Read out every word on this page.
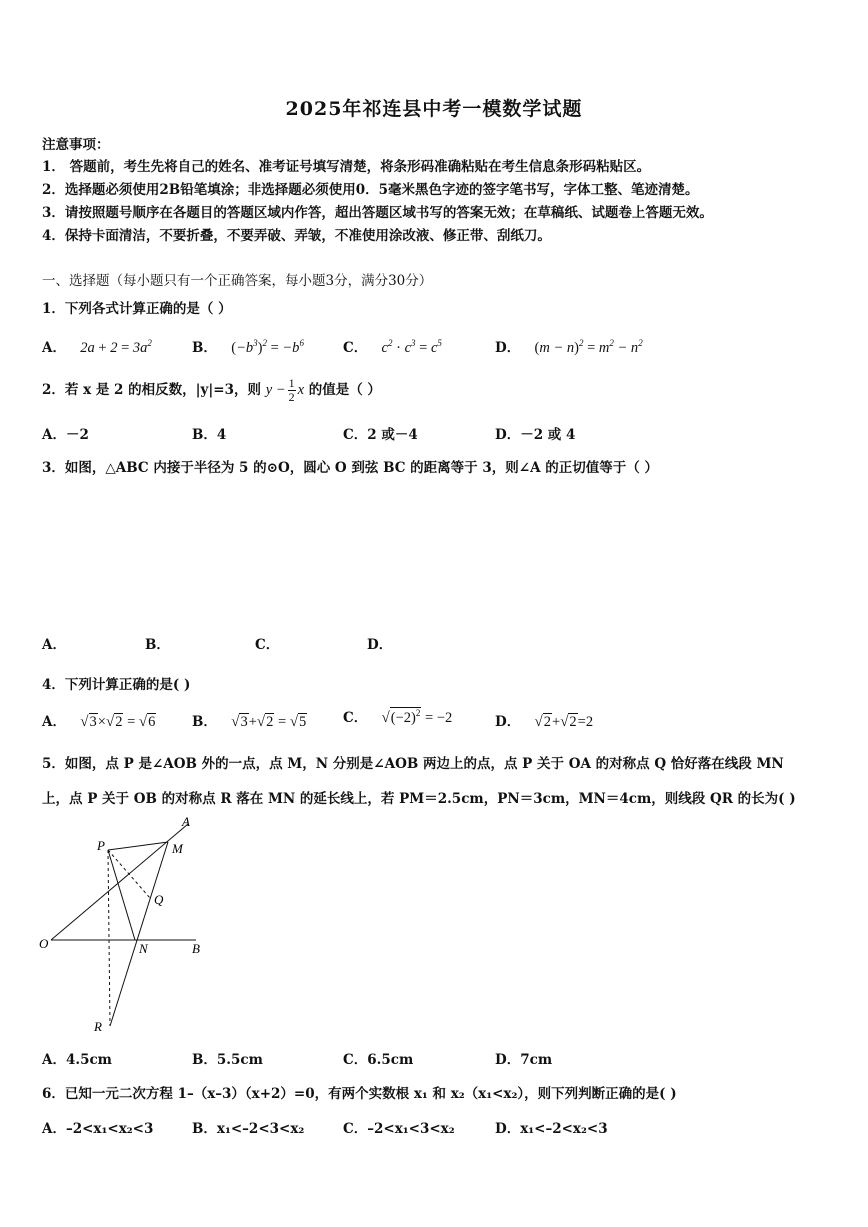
2025年祁连县中考一模数学试题
注意事项：
1． 答题前，考生先将自己的姓名、准考证号填写清楚，将条形码准确粘贴在考生信息条形码粘贴区。
2．选择题必须使用2B铅笔填涂；非选择题必须使用0．5毫米黑色字迹的签字笔书写，字体工整、笔迹清楚。
3．请按照题号顺序在各题目的答题区域内作答，超出答题区域书写的答案无效；在草稿纸、试题卷上答题无效。
4．保持卡面清洁，不要折叠，不要弄破、弄皱，不准使用涂改液、修正带、刮纸刀。
一、选择题（每小题只有一个正确答案，每小题3分，满分30分）
1．下列各式计算正确的是（ ）
A． $2a + 2 = 3a^2$	B． $(-b^3)^2 = -b^6$	C． $c^2 \cdot c^3 = c^5$	D． $(m - n)^2 = m^2 - n^2$
2．若 x 是 2 的相反数，|y|=3，则 $y - \frac{1}{2}$ x 的值是（ ）
A．－2	B．4	C．2 或－4	D．－2 或 4
3．如图，△ABC 内接于半径为 5 的⊙O，圆心 O 到弦 BC 的距离等于 3，则∠A 的正切值等于（ ）
A．	B．	C．	D．
4．下列计算正确的是( )
A． √3×√2 = √6	B． √3+√2 = √5	C． $√(-2)^2 = -2$	D． √2+√2=2
5．如图，点 P 是∠AOB 外的一点，点 M，N 分别是∠AOB 两边上的点，点 P 关于 OA 的对称点 Q 恰好落在线段 MN
上，点 P 关于 OB 的对称点 R 落在 MN 的延长线上，若 PM＝2.5cm，PN＝3cm，MN＝4cm，则线段 QR 的长为( )
A
P	M
Q
O	N	B
R
A．4.5cm	B．5.5cm	C．6.5cm	D．7cm
6．已知一元二次方程 1–（x–3）（x+2）=0，有两个实数根 x₁ 和 x₂（x₁<x₂），则下列判断正确的是( )
A．–2<x₁<x₂<3	B．x₁<–2<3<x₂	C．–2<x₁<3<x₂	D．x₁<–2<x₂<3
